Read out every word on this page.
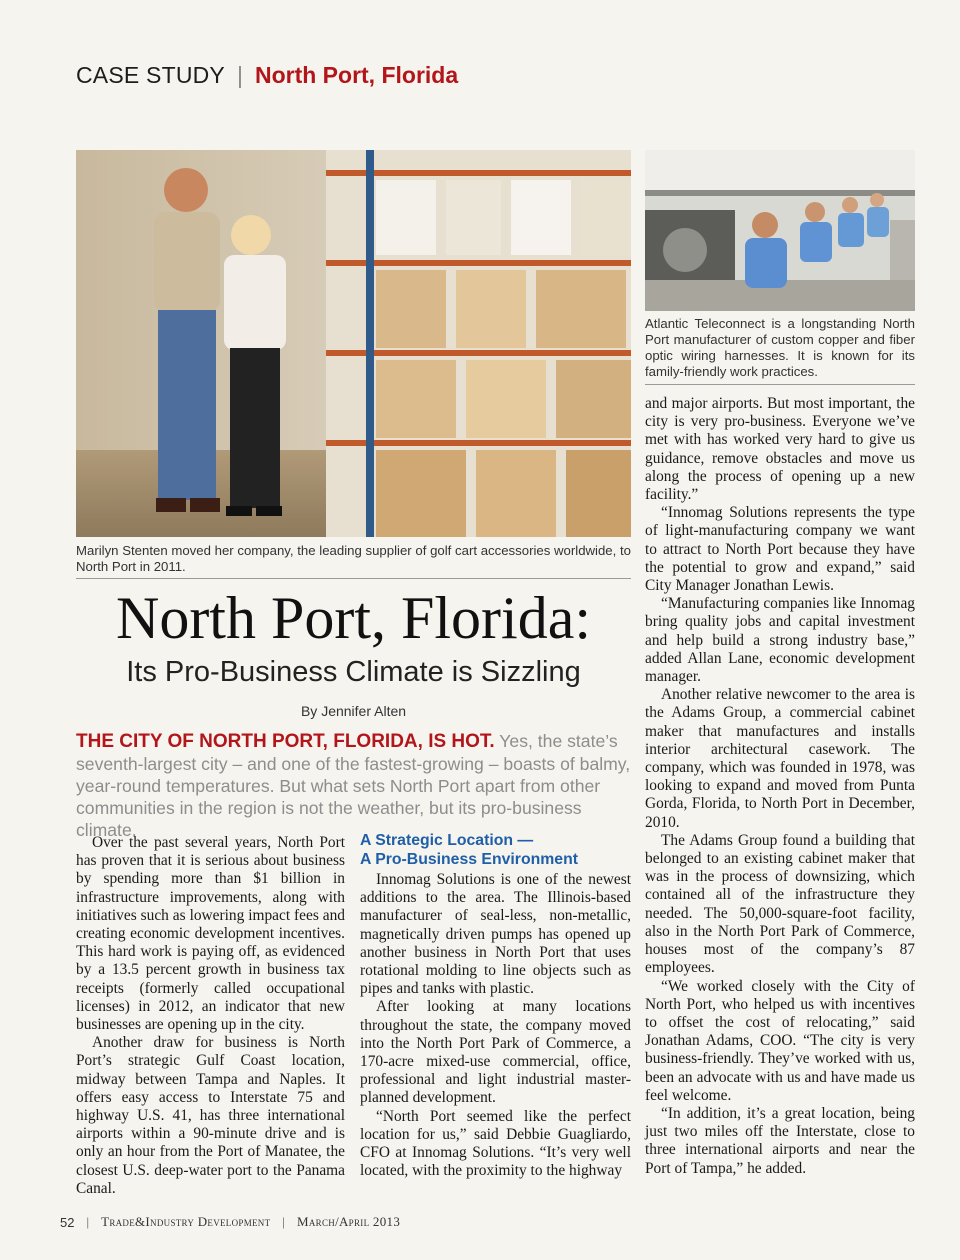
CASE STUDY | North Port, Florida
Atlantic Teleconnect is a longstanding North Port manufacturer of custom copper and fiber optic wiring harnesses. It is known for its family-friendly work practices.
Marilyn Stenten moved her company, the leading supplier of golf cart accessories worldwide, to North Port in 2011.
North Port, Florida:
Its Pro-Business Climate is Sizzling
By Jennifer Alten
THE CITY OF NORTH PORT, FLORIDA, IS HOT. Yes, the state’s seventh-largest city – and one of the fastest-growing – boasts of balmy, year-round temperatures. But what sets North Port apart from other communities in the region is not the weather, but its pro-business climate.

Over the past several years, North Port has proven that it is serious about business by spending more than $1 billion in infrastructure improvements, along with initiatives such as lowering impact fees and creating economic development incentives. This hard work is paying off, as evidenced by a 13.5 percent growth in business tax receipts (formerly called occupational licenses) in 2012, an indicator that new businesses are opening up in the city.

Another draw for business is North Port’s strategic Gulf Coast location, midway between Tampa and Naples. It offers easy access to Interstate 75 and highway U.S. 41, has three international airports within a 90-minute drive and is only an hour from the Port of Manatee, the closest U.S. deep-water port to the Panama Canal.

A Strategic Location —
A Pro-Business Environment

Innomag Solutions is one of the newest additions to the area. The Illinois-based manufacturer of seal-less, non-metallic, magnetically driven pumps has opened up another business in North Port that uses rotational molding to line objects such as pipes and tanks with plastic.

After looking at many locations throughout the state, the company moved into the North Port Park of Commerce, a 170-acre mixed-use commercial, office, professional and light industrial master-planned development.

“North Port seemed like the perfect location for us,” said Debbie Guagliardo, CFO at Innomag Solutions. “It’s very well located, with the proximity to the highway

and major airports. But most important, the city is very pro-business. Everyone we’ve met with has worked very hard to give us guidance, remove obstacles and move us along the process of opening up a new facility.”

“Innomag Solutions represents the type of light-manufacturing company we want to attract to North Port because they have the potential to grow and expand,” said City Manager Jonathan Lewis.

“Manufacturing companies like Innomag bring quality jobs and capital investment and help build a strong industry base,” added Allan Lane, economic development manager.

Another relative newcomer to the area is the Adams Group, a commercial cabinet maker that manufactures and installs interior architectural casework. The company, which was founded in 1978, was looking to expand and moved from Punta Gorda, Florida, to North Port in December, 2010.

The Adams Group found a building that belonged to an existing cabinet maker that was in the process of downsizing, which contained all of the infrastructure they needed. The 50,000-square-foot facility, also in the North Port Park of Commerce, houses most of the company’s 87 employees.

“We worked closely with the City of North Port, who helped us with incentives to offset the cost of relocating,” said Jonathan Adams, COO. “The city is very business-friendly. They’ve worked with us, been an advocate with us and have made us feel welcome.

“In addition, it’s a great location, being just two miles off the Interstate, close to three international airports and near the Port of Tampa,” he added.

52 | Trade&Industry Development | March/April 2013
